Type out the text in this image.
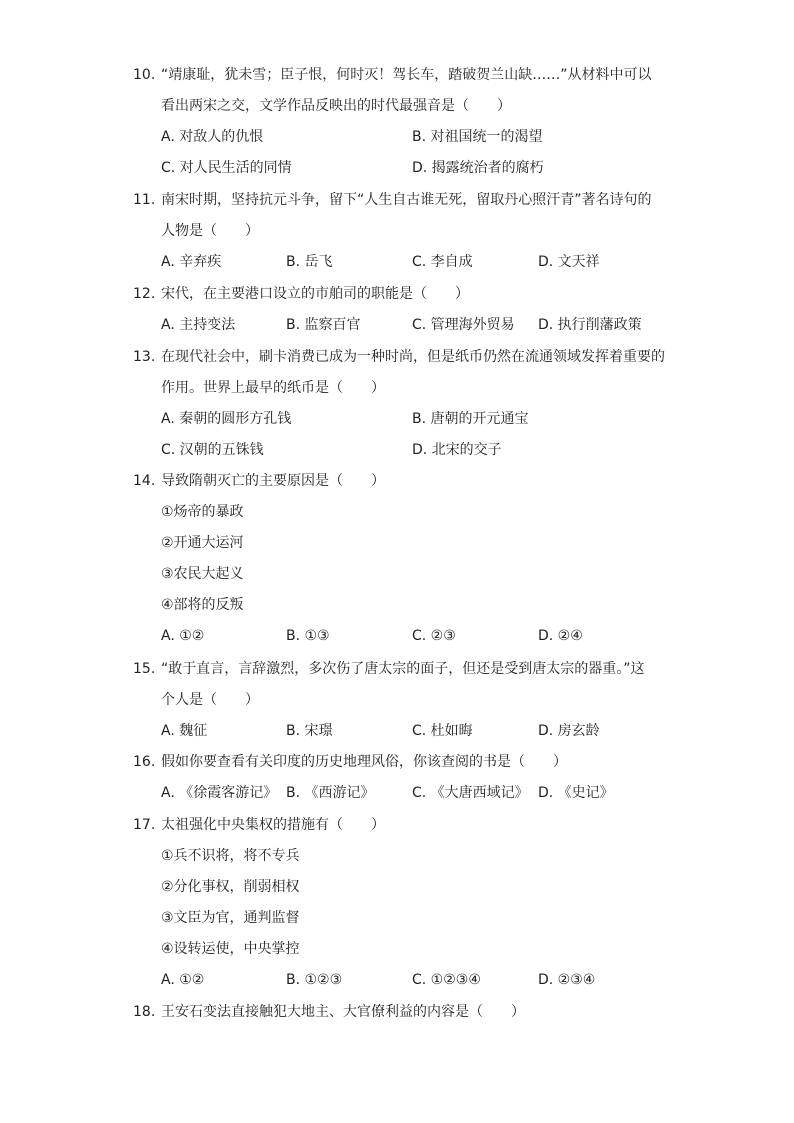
10. “靖康耻，犹未雪；臣子恨，何时灭！驾长车，踏破贺兰山缺……”从材料中可以
看出两宋之交，文学作品反映出的时代最强音是（　　）
A. 对敌人的仇恨	B. 对祖国统一的渴望
C. 对人民生活的同情	D. 揭露统治者的腐朽
11. 南宋时期，坚持抗元斗争，留下“人生自古谁无死，留取丹心照汗青”著名诗句的
人物是（　　）
A. 辛弃疾	B. 岳飞	C. 李自成	D. 文天祥
12. 宋代，在主要港口设立的市舶司的职能是（　　）
A. 主持变法	B. 监察百官	C. 管理海外贸易 D. 执行削藩政策
13. 在现代社会中，刷卡消费已成为一种时尚，但是纸币仍然在流通领域发挥着重要的
作用。世界上最早的纸币是（　　）
A. 秦朝的圆形方孔钱	B. 唐朝的开元通宝
C. 汉朝的五铢钱	D. 北宋的交子
14. 导致隋朝灭亡的主要原因是（　　）
①炀帝的暴政
②开通大运河
③农民大起义
④部将的反叛
A. ①②	B. ①③	C. ②③	D. ②④
15. “敢于直言，言辞激烈，多次伤了唐太宗的面子，但还是受到唐太宗的器重。”这
个人是（　　）
A. 魏征	B. 宋璟	C. 杜如晦	D. 房玄龄
16. 假如你要查看有关印度的历史地理风俗，你该查阅的书是（　　）
A. 《徐霞客游记》 B. 《西游记》	C. 《大唐西域记》 D. 《史记》
17. 太祖强化中央集权的措施有（　　）
①兵不识将，将不专兵
②分化事权，削弱相权
③文臣为官，通判监督
④设转运使，中央掌控
A. ①②	B. ①②③	C. ①②③④	D. ②③④
18. 王安石变法直接触犯大地主、大官僚利益的内容是（　　）
